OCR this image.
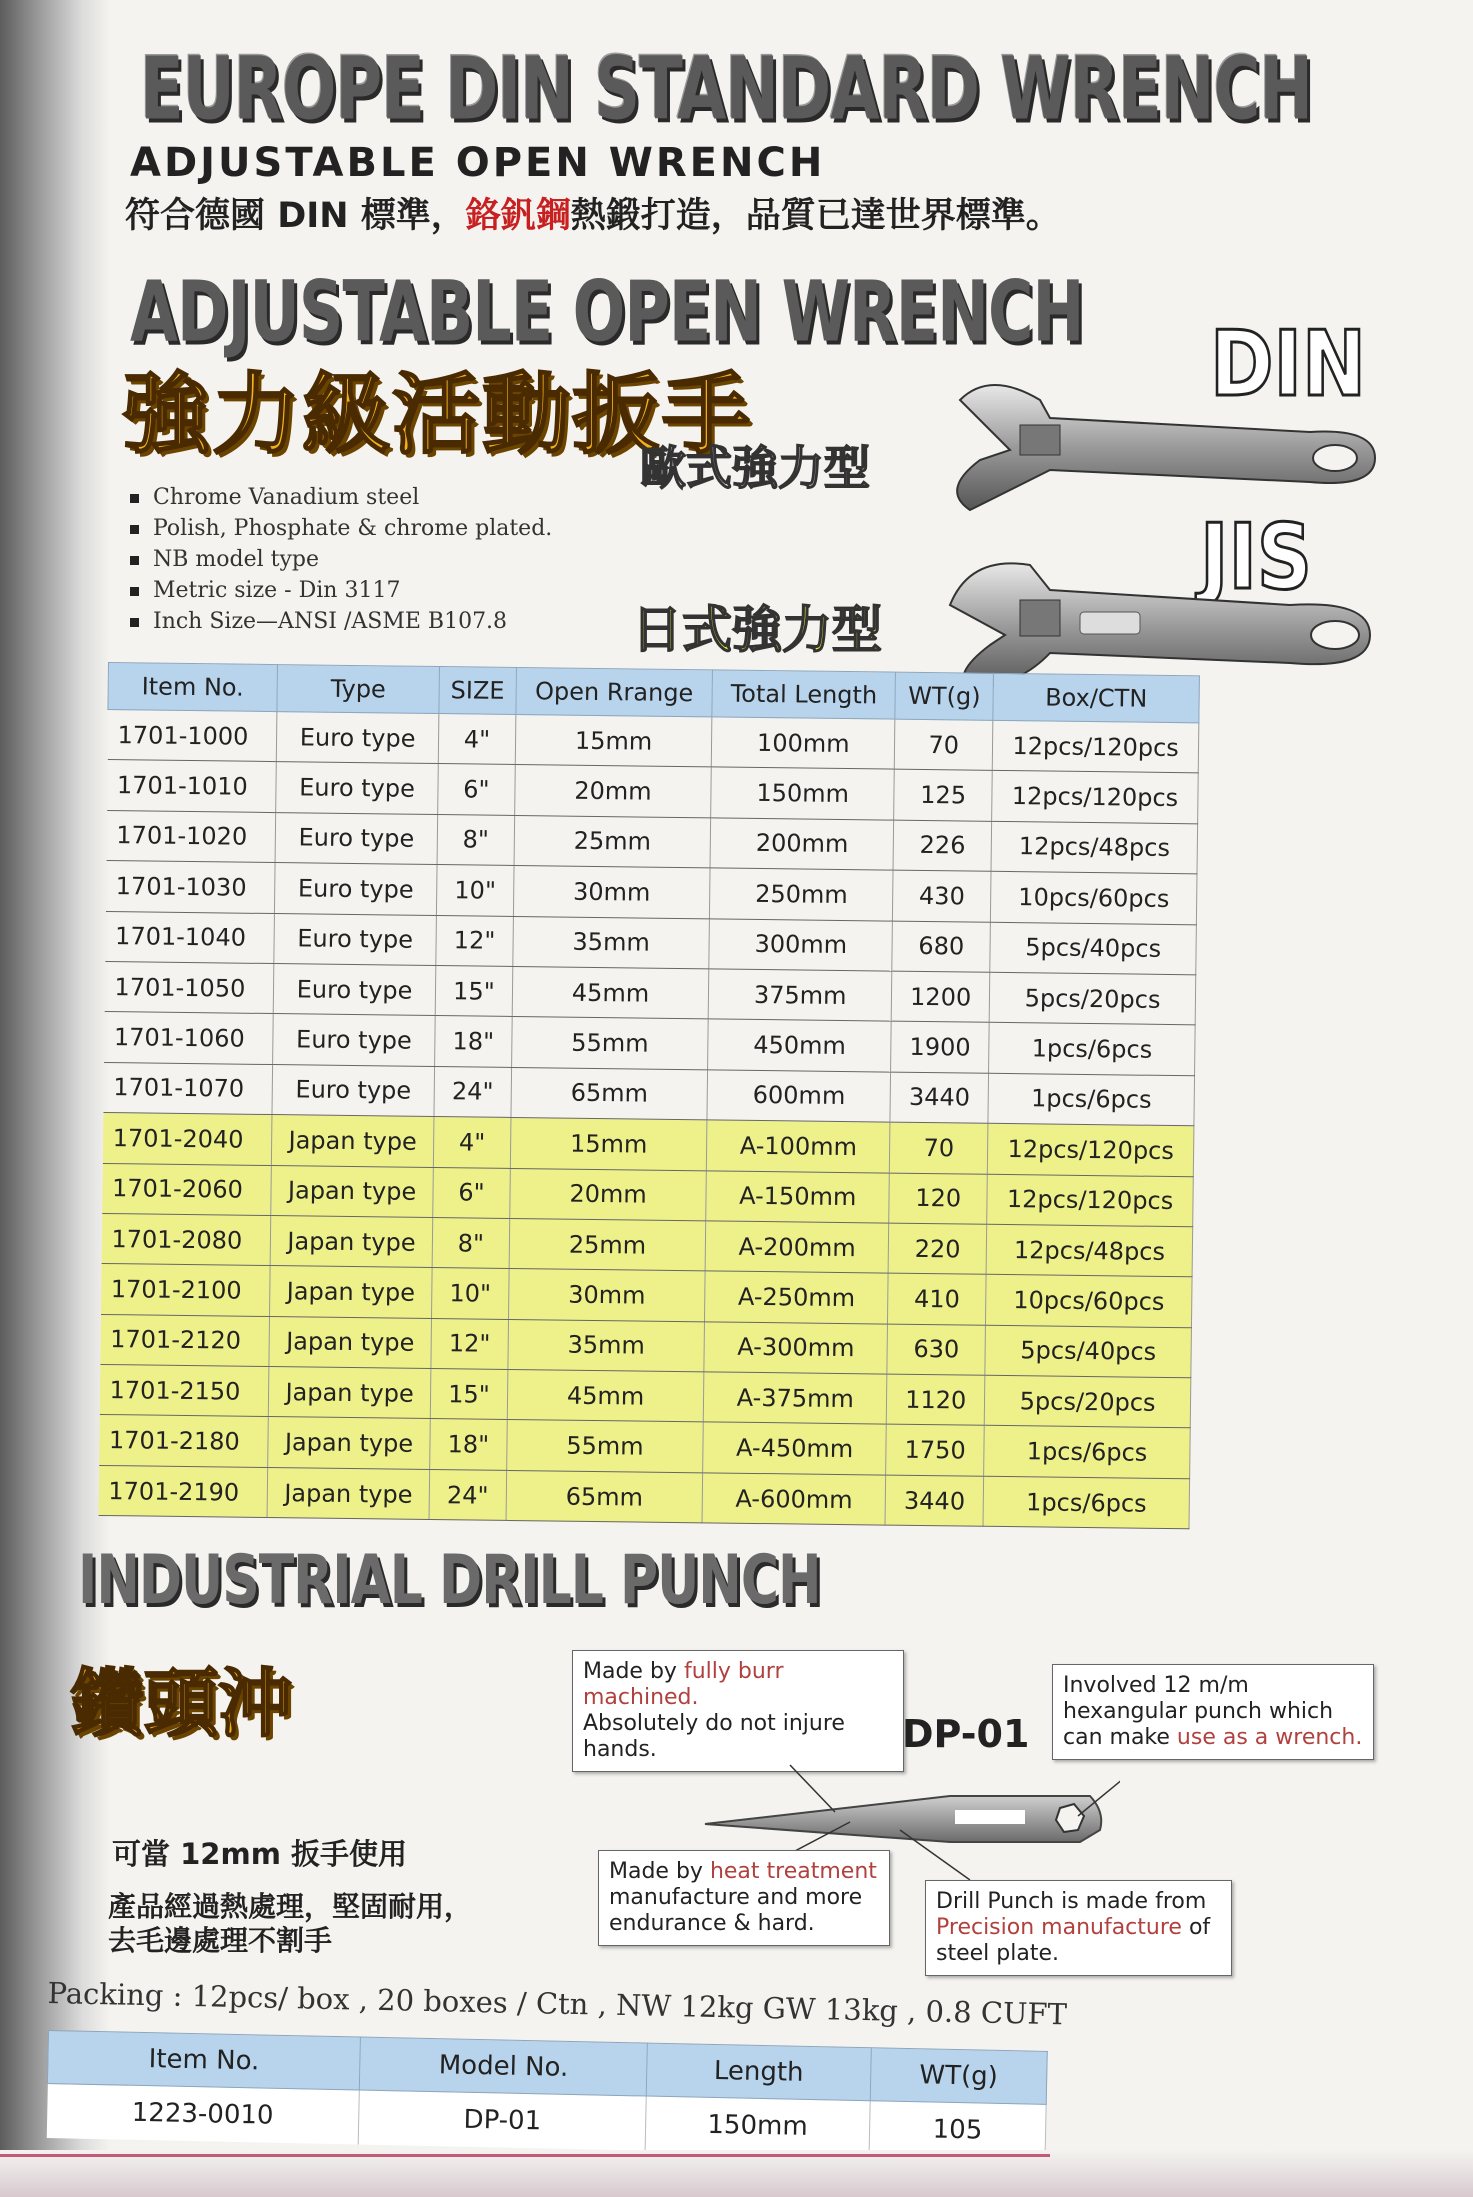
EUROPE DIN STANDARD WRENCH
ADJUSTABLE OPEN WRENCH
符合德國 DIN 標準，鉻釩鋼熱鍛打造，品質已達世界標準。
ADJUSTABLE OPEN WRENCH
強力級活動扳手
歐式強力型
日式強力型
DIN
JIS
Chrome Vanadium steel
Polish, Phosphate & chrome plated.
NB model type
Metric size - Din 3117
Inch Size—ANSI /ASME B107.8
Item No.	Type	SIZE	Open Rrange	Total Length	WT(g)	Box/CTN
1701-1000	Euro type	4"	15mm	100mm	70	12pcs/120pcs
1701-1010	Euro type	6"	20mm	150mm	125	12pcs/120pcs
1701-1020	Euro type	8"	25mm	200mm	226	12pcs/48pcs
1701-1030	Euro type	10"	30mm	250mm	430	10pcs/60pcs
1701-1040	Euro type	12"	35mm	300mm	680	5pcs/40pcs
1701-1050	Euro type	15"	45mm	375mm	1200	5pcs/20pcs
1701-1060	Euro type	18"	55mm	450mm	1900	1pcs/6pcs
1701-1070	Euro type	24"	65mm	600mm	3440	1pcs/6pcs
1701-2040	Japan type	4"	15mm	A-100mm	70	12pcs/120pcs
1701-2060	Japan type	6"	20mm	A-150mm	120	12pcs/120pcs
1701-2080	Japan type	8"	25mm	A-200mm	220	12pcs/48pcs
1701-2100	Japan type	10"	30mm	A-250mm	410	10pcs/60pcs
1701-2120	Japan type	12"	35mm	A-300mm	630	5pcs/40pcs
1701-2150	Japan type	15"	45mm	A-375mm	1120	5pcs/20pcs
1701-2180	Japan type	18"	55mm	A-450mm	1750	1pcs/6pcs
1701-2190	Japan type	24"	65mm	A-600mm	3440	1pcs/6pcs
INDUSTRIAL DRILL PUNCH
鑽頭沖	Made by fully burr machined.
Absolutely do not injure hands.	DP-01
Involved 12 m/m hexangular punch which can make use as a wrench.
Made by heat treatment
manufacture and more endurance & hard.
Drill Punch is made from
Precision manufacture of steel plate.
可當 12mm 扳手使用
產品經過熱處理，堅固耐用，
去毛邊處理不割手
Packing : 12pcs/ box , 20 boxes / Ctn , NW 12kg GW 13kg , 0.8 CUFT
Item No.	Model No.	Length	WT(g)
1223-0010	DP-01	150mm	105
